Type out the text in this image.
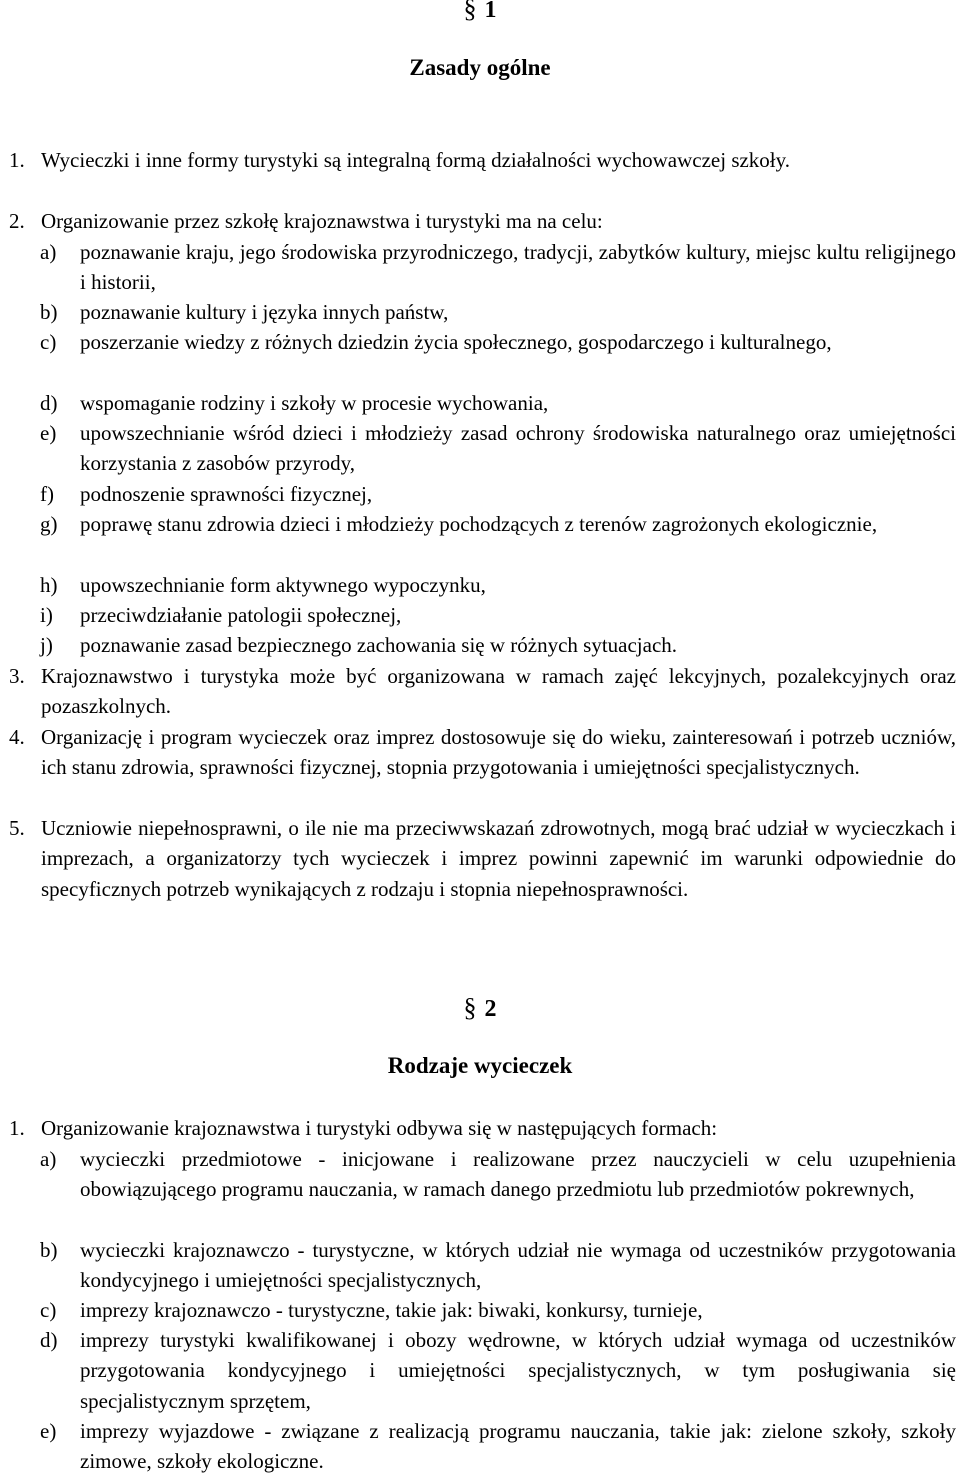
§ 1
Zasady ogólne
1. Wycieczki i inne formy turystyki są integralną formą działalności wychowawczej szkoły.
2. Organizowanie przez szkołę krajoznawstwa i turystyki ma na celu:
a) poznawanie kraju, jego środowiska przyrodniczego, tradycji, zabytków kultury, miejsc kultu religijnego i historii,
b) poznawanie kultury i języka innych państw,
c) poszerzanie wiedzy z różnych dziedzin życia społecznego, gospodarczego i kulturalnego,
d) wspomaganie rodziny i szkoły w procesie wychowania,
e) upowszechnianie wśród dzieci i młodzieży zasad ochrony środowiska naturalnego oraz umiejętności korzystania z zasobów przyrody,
f) podnoszenie sprawności fizycznej,
g) poprawę stanu zdrowia dzieci i młodzieży pochodzących z terenów zagrożonych ekologicznie,
h) upowszechnianie form aktywnego wypoczynku,
i) przeciwdziałanie patologii społecznej,
j) poznawanie zasad bezpiecznego zachowania się w różnych sytuacjach.
3. Krajoznawstwo i turystyka może być organizowana w ramach zajęć lekcyjnych, pozalekcyjnych oraz pozaszkolnych.
4. Organizację i program wycieczek oraz imprez dostosowuje się do wieku, zainteresowań i potrzeb uczniów, ich stanu zdrowia, sprawności fizycznej, stopnia przygotowania i umiejętności specjalistycznych.
5. Uczniowie niepełnosprawni, o ile nie ma przeciwwskazań zdrowotnych, mogą brać udział w wycieczkach i imprezach, a organizatorzy tych wycieczek i imprez powinni zapewnić im warunki odpowiednie do specyficznych potrzeb wynikających z rodzaju i stopnia niepełnosprawności.
§ 2
Rodzaje wycieczek
1. Organizowanie krajoznawstwa i turystyki odbywa się w następujących formach:
a) wycieczki przedmiotowe - inicjowane i realizowane przez nauczycieli w celu uzupełnienia obowiązującego programu nauczania, w ramach danego przedmiotu lub przedmiotów pokrewnych,
b) wycieczki krajoznawczo - turystyczne, w których udział nie wymaga od uczestników przygotowania kondycyjnego i umiejętności specjalistycznych,
c) imprezy krajoznawczo - turystyczne, takie jak: biwaki, konkursy, turnieje,
d) imprezy turystyki kwalifikowanej i obozy wędrowne, w których udział wymaga od uczestników przygotowania kondycyjnego i umiejętności specjalistycznych, w tym posługiwania się specjalistycznym sprzętem,
e) imprezy wyjazdowe - związane z realizacją programu nauczania, takie jak: zielone szkoły, szkoły zimowe, szkoły ekologiczne.
